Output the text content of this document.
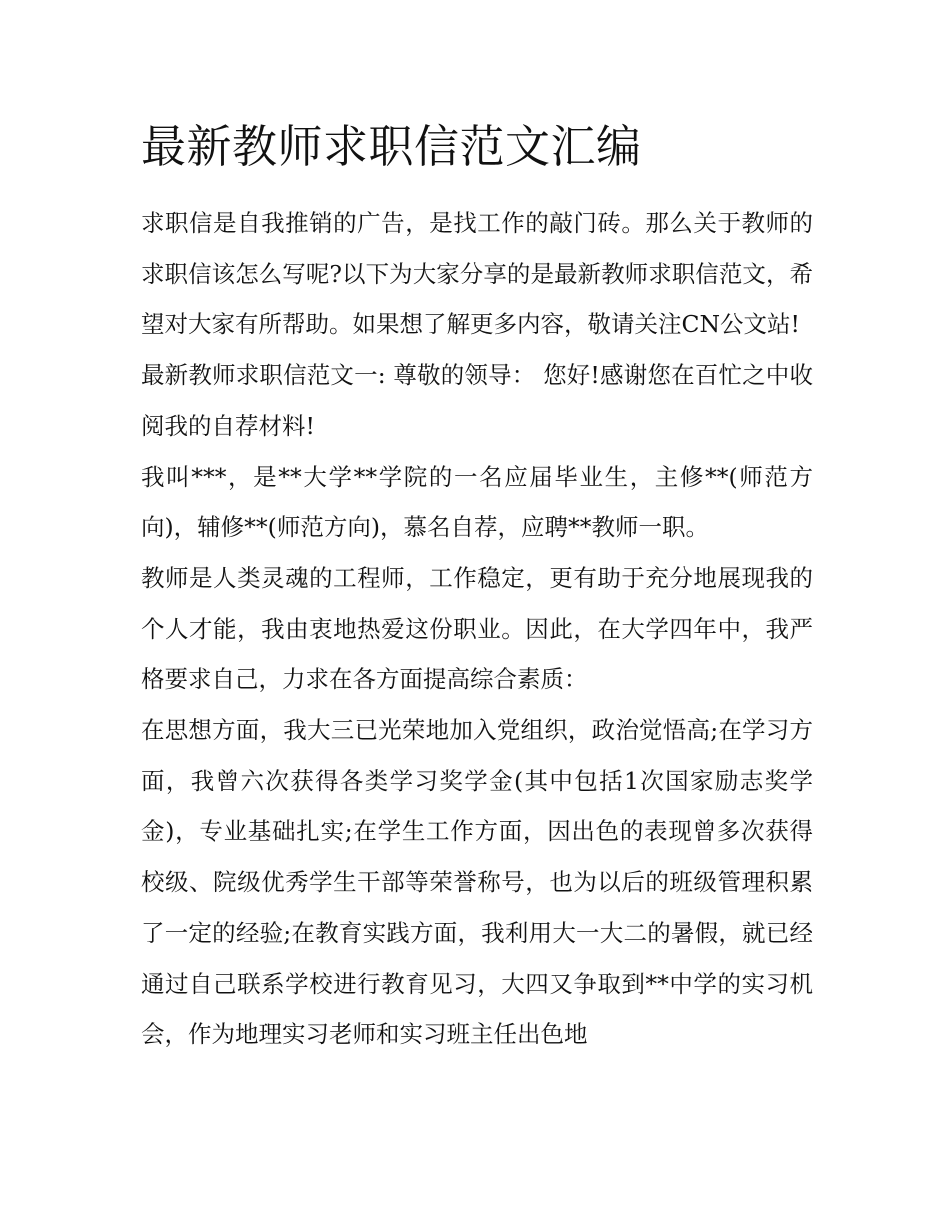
最新教师求职信范文汇编

求职信是自我推销的广告，是找工作的敲门砖。那么关于教师的求职信该怎么写呢?以下为大家分享的是最新教师求职信范文，希望对大家有所帮助。如果想了解更多内容，敬请关注CN公文站!

最新教师求职信范文一: 尊敬的领导： 您好!感谢您在百忙之中收阅我的自荐材料!

我叫***，是**大学**学院的一名应届毕业生，主修**(师范方向)，辅修**(师范方向)，慕名自荐，应聘**教师一职。

教师是人类灵魂的工程师，工作稳定，更有助于充分地展现我的个人才能，我由衷地热爱这份职业。因此，在大学四年中，我严格要求自己，力求在各方面提高综合素质：

在思想方面，我大三已光荣地加入党组织，政治觉悟高;在学习方面，我曾六次获得各类学习奖学金(其中包括1次国家励志奖学金)，专业基础扎实;在学生工作方面，因出色的表现曾多次获得校级、院级优秀学生干部等荣誉称号，也为以后的班级管理积累了一定的经验;在教育实践方面，我利用大一大二的暑假，就已经通过自己联系学校进行教育见习，大四又争取到**中学的实习机会，作为地理实习老师和实习班主任出色地
